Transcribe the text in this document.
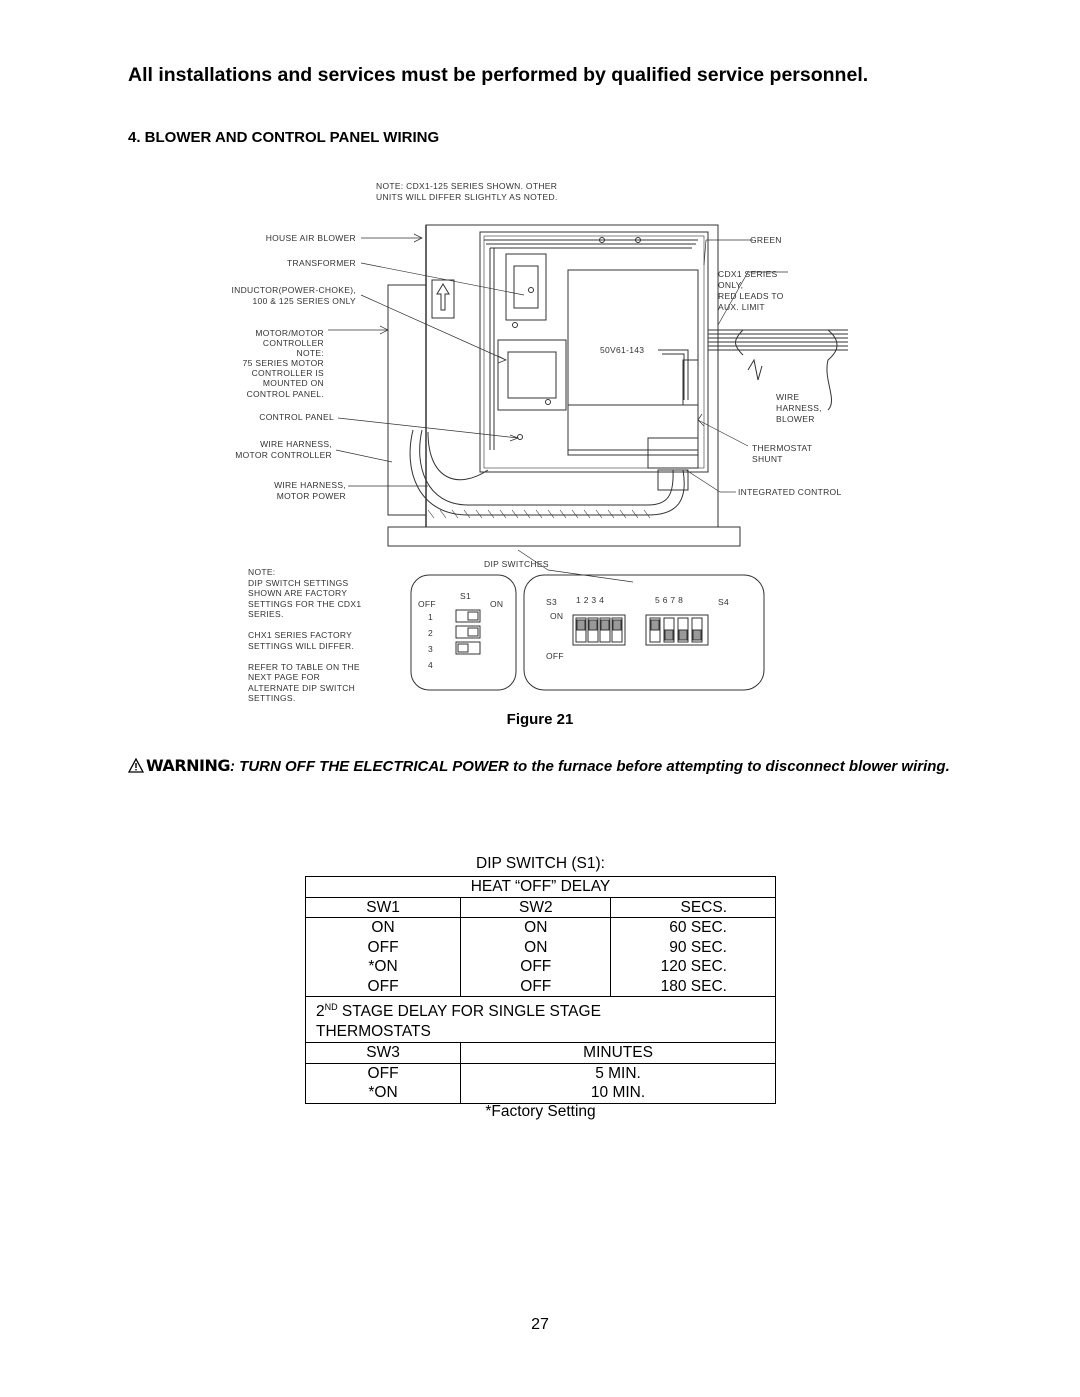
All installations and services must be performed by qualified service personnel.
4. BLOWER AND CONTROL PANEL WIRING
NOTE: CDX1-125 SERIES SHOWN. OTHER
UNITS WILL DIFFER SLIGHTLY AS NOTED.
HOUSE AIR BLOWER
TRANSFORMER
INDUCTOR(POWER-CHOKE),
100 & 125 SERIES ONLY
MOTOR/MOTOR
CONTROLLER
NOTE:
75 SERIES MOTOR
CONTROLLER IS
MOUNTED ON
CONTROL PANEL.
CONTROL PANEL
WIRE HARNESS,
MOTOR CONTROLLER
WIRE HARNESS,
MOTOR POWER
GREEN
CDX1 SERIES
ONLY,
RED LEADS TO
AUX. LIMIT
WIRE
HARNESS,
BLOWER
THERMOSTAT
SHUNT
INTEGRATED CONTROL
50V61-143
DIP SWITCHES
NOTE:
DIP SWITCH SETTINGS
SHOWN ARE FACTORY
SETTINGS FOR THE CDX1
SERIES.
CHX1 SERIES FACTORY
SETTINGS WILL DIFFER.
REFER TO TABLE ON THE
NEXT PAGE FOR
ALTERNATE DIP SWITCH
SETTINGS.
OFF
S1
ON
1
2
3
4
S3 1 2 3 4
ON
OFF
5 6 7 8	S4
Figure 21
WARNING: TURN OFF THE ELECTRICAL POWER to the furnace before attempting to disconnect blower wiring.
DIP SWITCH (S1):
HEAT “OFF” DELAY		
SW1	SW2	SECS.
ON	ON	60 SEC.
OFF	ON	90 SEC.
*ON	OFF	120 SEC.
OFF	OFF	180 SEC.
2ND STAGE DELAY FOR SINGLE STAGE
THERMOSTATS		
SW3	MINUTES	
OFF	5 MIN.	
*ON	10 MIN.	
*Factory Setting
27
